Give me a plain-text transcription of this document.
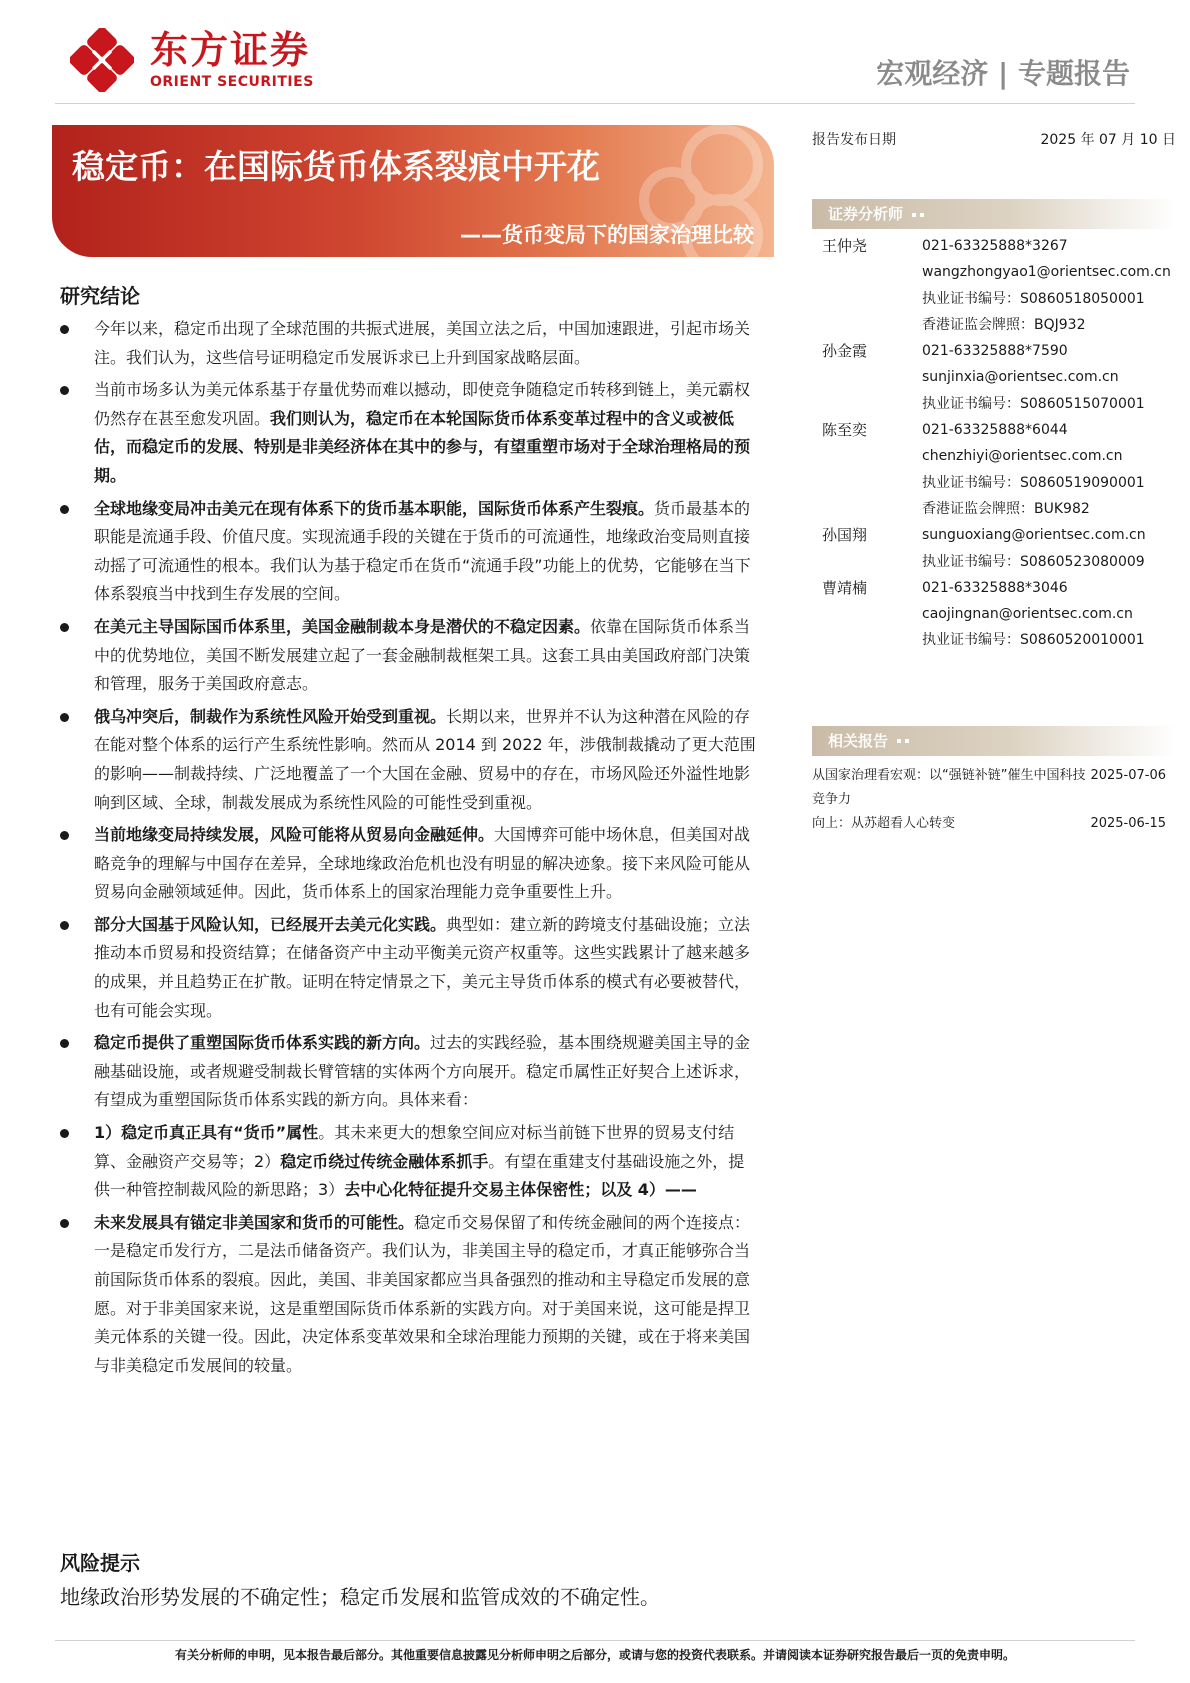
东方证券
ORIENT SECURITIES	宏观经济 | 专题报告
稳定币：在国际货币体系裂痕中开花
——货币变局下的国家治理比较
研究结论
今年以来，稳定币出现了全球范围的共振式进展，美国立法之后，中国加速跟进，引起市场关注。我们认为，这些信号证明稳定币发展诉求已上升到国家战略层面。
当前市场多认为美元体系基于存量优势而难以撼动，即使竞争随稳定币转移到链上，美元霸权仍然存在甚至愈发巩固。我们则认为，稳定币在本轮国际货币体系变革过程中的含义或被低估，而稳定币的发展、特别是非美经济体在其中的参与，有望重塑市场对于全球治理格局的预期。
全球地缘变局冲击美元在现有体系下的货币基本职能，国际货币体系产生裂痕。货币最基本的职能是流通手段、价值尺度。实现流通手段的关键在于货币的可流通性，地缘政治变局则直接动摇了可流通性的根本。我们认为基于稳定币在货币“流通手段”功能上的优势，它能够在当下体系裂痕当中找到生存发展的空间。
在美元主导国际国币体系里，美国金融制裁本身是潜伏的不稳定因素。依靠在国际货币体系当中的优势地位，美国不断发展建立起了一套金融制裁框架工具。这套工具由美国政府部门决策和管理，服务于美国政府意志。
俄乌冲突后，制裁作为系统性风险开始受到重视。长期以来，世界并不认为这种潜在风险的存在能对整个体系的运行产生系统性影响。然而从 2014 到 2022 年，涉俄制裁撬动了更大范围的影响——制裁持续、广泛地覆盖了一个大国在金融、贸易中的存在，市场风险还外溢性地影响到区域、全球，制裁发展成为系统性风险的可能性受到重视。
当前地缘变局持续发展，风险可能将从贸易向金融延伸。大国博弈可能中场休息，但美国对战略竞争的理解与中国存在差异，全球地缘政治危机也没有明显的解决迹象。接下来风险可能从贸易向金融领域延伸。因此，货币体系上的国家治理能力竞争重要性上升。
部分大国基于风险认知，已经展开去美元化实践。典型如：建立新的跨境支付基础设施；立法推动本币贸易和投资结算；在储备资产中主动平衡美元资产权重等。这些实践累计了越来越多的成果，并且趋势正在扩散。证明在特定情景之下，美元主导货币体系的模式有必要被替代，也有可能会实现。
稳定币提供了重塑国际货币体系实践的新方向。过去的实践经验，基本围绕规避美国主导的金融基础设施，或者规避受制裁长臂管辖的实体两个方向展开。稳定币属性正好契合上述诉求，有望成为重塑国际货币体系实践的新方向。具体来看：
1）稳定币真正具有“货币”属性。其未来更大的想象空间应对标当前链下世界的贸易支付结算、金融资产交易等；2）稳定币绕过传统金融体系抓手。有望在重建支付基础设施之外，提供一种管控制裁风险的新思路；3）去中心化特征提升交易主体保密性；以及 4）——
未来发展具有锚定非美国家和货币的可能性。稳定币交易保留了和传统金融间的两个连接点：一是稳定币发行方，二是法币储备资产。我们认为，非美国主导的稳定币，才真正能够弥合当前国际货币体系的裂痕。因此，美国、非美国家都应当具备强烈的推动和主导稳定币发展的意愿。对于非美国家来说，这是重塑国际货币体系新的实践方向。对于美国来说，这可能是捍卫美元体系的关键一役。因此，决定体系变革效果和全球治理能力预期的关键，或在于将来美国与非美稳定币发展间的较量。
风险提示
地缘政治形势发展的不确定性；稳定币发展和监管成效的不确定性。
报告发布日期	2025 年 07 月 10 日
证券分析师
王仲尧	021-63325888*3267
wangzhongyao1@orientsec.com.cn
执业证书编号：S0860518050001
香港证监会牌照：BQJ932
孙金霞	021-63325888*7590
sunjinxia@orientsec.com.cn
执业证书编号：S0860515070001
陈至奕	021-63325888*6044
chenzhiyi@orientsec.com.cn
执业证书编号：S0860519090001
香港证监会牌照：BUK982
孙国翔	sunguoxiang@orientsec.com.cn
执业证书编号：S0860523080009
曹靖楠	021-63325888*3046
caojingnan@orientsec.com.cn
执业证书编号：S0860520010001
相关报告
从国家治理看宏观：以“强链补链”催生中国科技竞争力
2025-07-06
向上：从苏超看人心转变	2025-06-15
有关分析师的申明，见本报告最后部分。其他重要信息披露见分析师申明之后部分，或请与您的投资代表联系。并请阅读本证券研究报告最后一页的免责申明。
